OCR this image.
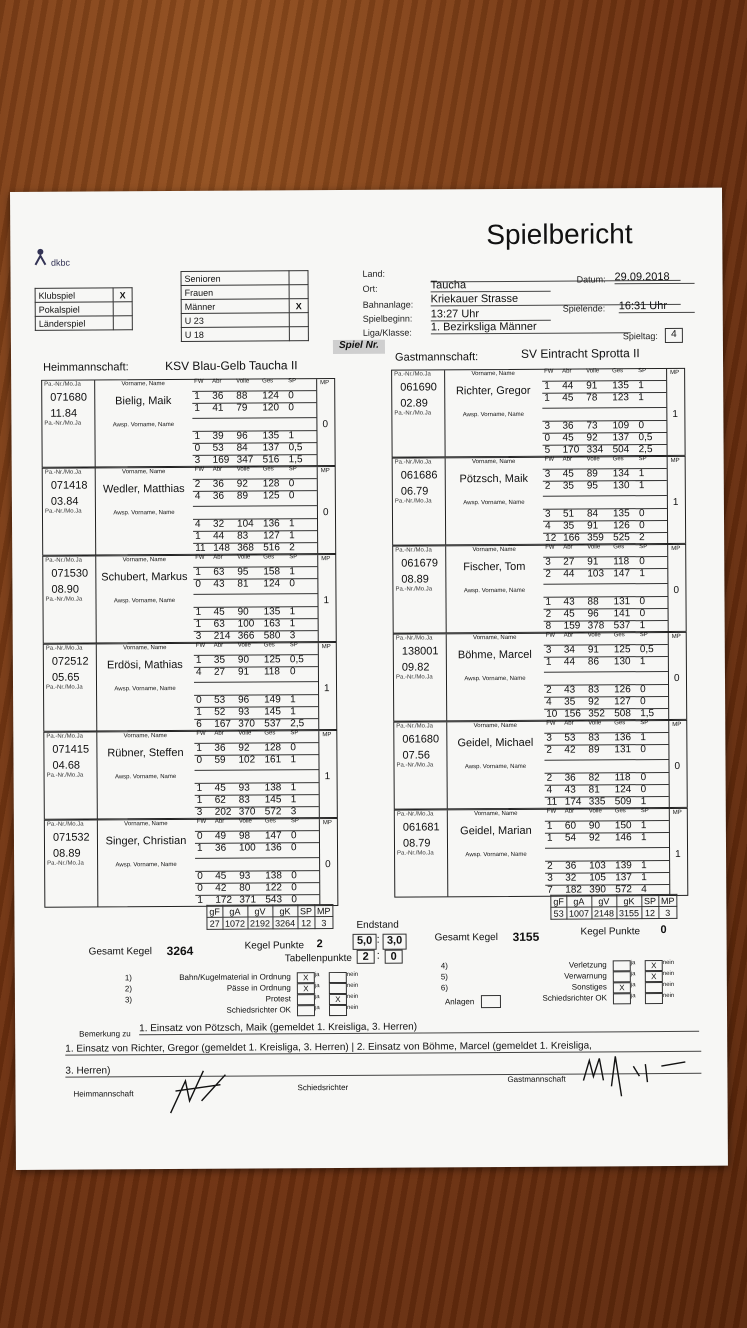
Spielbericht
dkbc
Klubspiel	X
Pokalspiel	
Länderspiel	
Senioren	
Frauen	
Männer	X
U 23	
U 18	
Land:
Ort:	Taucha	Datum: 29.09.2018
Bahnanlage: Kriekauer Strasse
Spielbeginn: 13:27 Uhr	Spielende: 16:31 Uhr
Liga/Klasse: 1. Bezirksliga Männer
Spieltag:	4
Spiel Nr.
Heimmannschaft:	KSV Blau-Gelb Taucha II
Gastmannschaft:	SV Eintracht Sprotta II
Pa.-Nr./Mo.Ja
071680
11.84
Pa.-Nr./Mo.Ja
Vorname, Name
Bielig, Maik
Awsp. Vorname, Name
FW Abr Volle Ges SP
1 36 88 124 0
1 41 79 120 0
1 39 96 135 1
0 53 84 137 0,5
3 169 347 516 1,5
MP
0
Pa.-Nr./Mo.Ja
071418
03.84
Pa.-Nr./Mo.Ja
Vorname, Name
Wedler, Matthias
Awsp. Vorname, Name
FW Abr Volle Ges SP
2 36 92 128 0
4 36 89 125 0
4 32 104 136 1
1 44 83 127 1
11 148 368 516 2
MP
0
Pa.-Nr./Mo.Ja
071530
08.90
Pa.-Nr./Mo.Ja
Vorname, Name
Schubert, Markus
Awsp. Vorname, Name
FW Abr Volle Ges SP
1 63 95 158 1
0 43 81 124 0
1 45 90 135 1
1 63 100 163 1
3 214 366 580 3
MP
1
Pa.-Nr./Mo.Ja
072512
05.65
Pa.-Nr./Mo.Ja
Vorname, Name
Erdösi, Mathias
Awsp. Vorname, Name
FW Abr Volle Ges SP
1 35 90 125 0,5
4 27 91 118 0
0 53 96 149 1
1 52 93 145 1
6 167 370 537 2,5
MP
1
Pa.-Nr./Mo.Ja
071415
04.68
Pa.-Nr./Mo.Ja
Vorname, Name
Rübner, Steffen
Awsp. Vorname, Name
FW Abr Volle Ges SP
1 36 92 128 0
0 59 102 161 1
1 45 93 138 1
1 62 83 145 1
3 202 370 572 3
MP
1
Pa.-Nr./Mo.Ja
071532
08.89
Pa.-Nr./Mo.Ja
Vorname, Name
Singer, Christian
Awsp. Vorname, Name
FW Abr Volle Ges SP
0 49 98 147 0
1 36 100 136 0
0 45 93 138 0
0 42 80 122 0
1 172 371 543 0
MP
0
Pa.-Nr./Mo.Ja
061690
02.89
Pa.-Nr./Mo.Ja
Vorname, Name
Richter, Gregor
Awsp. Vorname, Name
FW Abr Volle Ges SP
1 44 91 135 1
1 45 78 123 1
3 36 73 109 0
0 45 92 137 0,5
5 170 334 504 2,5
MP
1
Pa.-Nr./Mo.Ja
061686
06.79
Pa.-Nr./Mo.Ja
Vorname, Name
Pötzsch, Maik
Awsp. Vorname, Name
FW Abr Volle Ges SP
3 45 89 134 1
2 35 95 130 1
3 51 84 135 0
4 35 91 126 0
12 166 359 525 2
MP
1
Pa.-Nr./Mo.Ja
061679
08.89
Pa.-Nr./Mo.Ja
Vorname, Name
Fischer, Tom
Awsp. Vorname, Name
FW Abr Volle Ges SP
3 27 91 118 0
2 44 103 147 1
1 43 88 131 0
2 45 96 141 0
8 159 378 537 1
MP
0
Pa.-Nr./Mo.Ja
138001
09.82
Pa.-Nr./Mo.Ja
Vorname, Name
Böhme, Marcel
Awsp. Vorname, Name
FW Abr Volle Ges SP
3 34 91 125 0,5
1 44 86 130 1
2 43 83 126 0
4 35 92 127 0
10 156 352 508 1,5
MP
0
Pa.-Nr./Mo.Ja
061680
07.56
Pa.-Nr./Mo.Ja
Vorname, Name
Geidel, Michael
Awsp. Vorname, Name
FW Abr Volle Ges SP
3 53 83 136 1
2 42 89 131 0
2 36 82 118 0
4 43 81 124 0
11 174 335 509 1
MP
0
Pa.-Nr./Mo.Ja
061681
08.79
Pa.-Nr./Mo.Ja
Vorname, Name
Geidel, Marian
Awsp. Vorname, Name
FW Abr Volle Ges SP
1 60 90 150 1
1 54 92 146 1
2 36 103 139 1
3 32 105 137 1
7 182 390 572 4
MP
1
gF	gA	gV	gK	SP	MP
27	1072	2192	3264	12	3
gF	gA	gV	gK	SP	MP
53	1007	2148	3155	12	3
Gesamt Kegel 3264
Gesamt Kegel 3155
Endstand
Kegel Punkte 2
Kegel Punkte 0
5,0 : 3,0
Tabellenpunkte 2 : 0
1)	Bahn/Kugelmaterial in Ordnung	X	ja	nein
2)	Pässe in Ordnung	X	ja	nein
3)	Protest	ja	X	nein
Schiedsrichter OK	ja	nein
4)	Verletzung	ja	X	nein
5)	Verwarnung	ja	X	nein
6)	Sonstiges	X	ja	nein
Schiedsrichter OK	ja	nein
Anlagen
Bemerkung zu 1. Einsatz von Pötzsch, Maik (gemeldet 1. Kreisliga, 3. Herren)
1. Einsatz von Richter, Gregor (gemeldet 1. Kreisliga, 3. Herren) | 2. Einsatz von Böhme, Marcel (gemeldet 1. Kreisliga,
3. Herren)
Heimmannschaft
Schiedsrichter
Gastmannschaft
